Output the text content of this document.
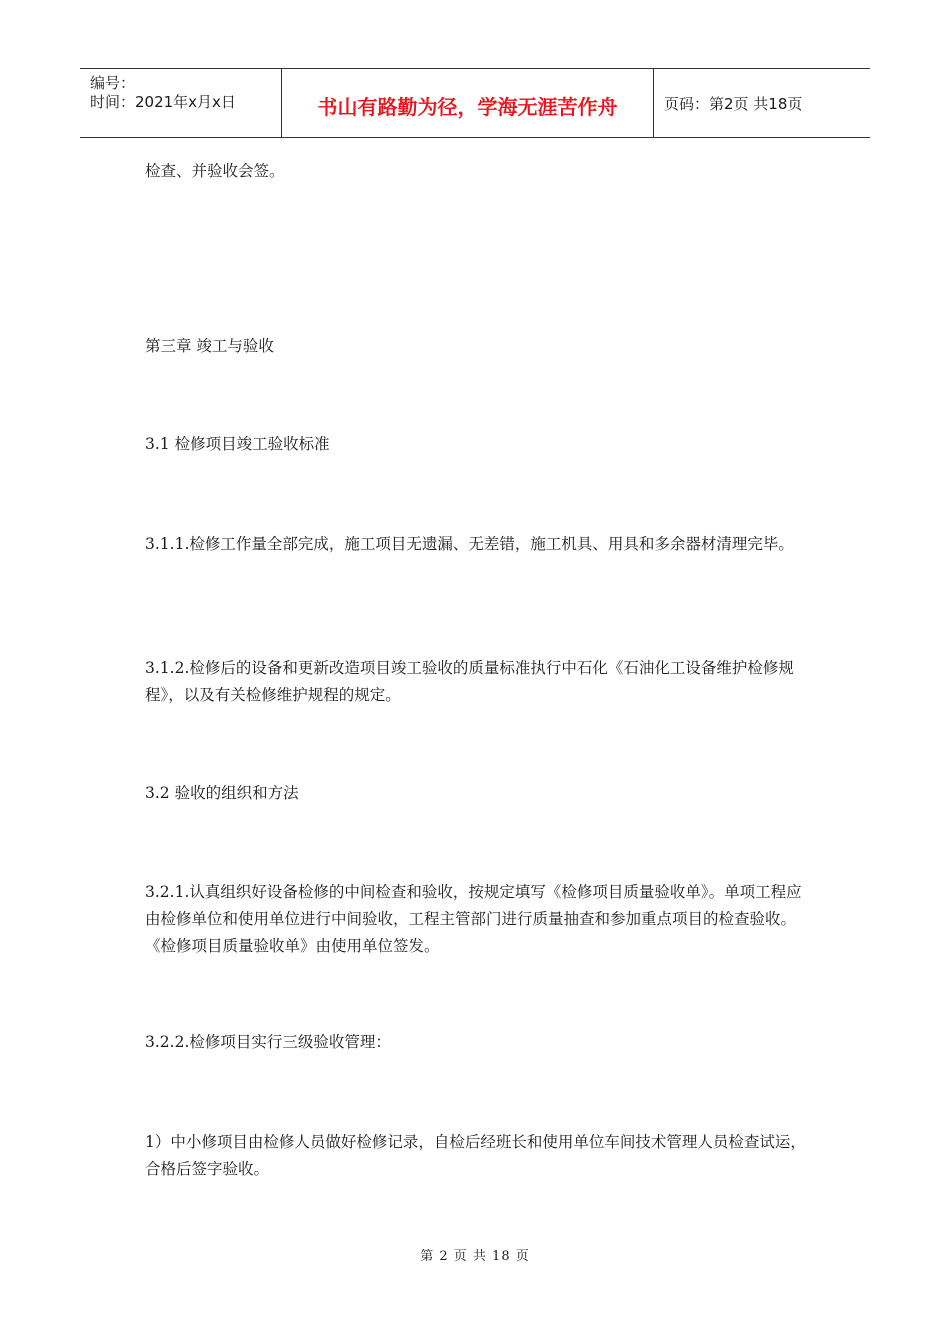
编号：
时间：2021年x月x日	书山有路勤为径，学海无涯苦作舟	页码：第2页 共18页
检查、并验收会签。
第三章 竣工与验收
3.1 检修项目竣工验收标准
3.1.1.检修工作量全部完成，施工项目无遗漏、无差错，施工机具、用具和多余器材清理完毕。
3.1.2.检修后的设备和更新改造项目竣工验收的质量标准执行中石化《石油化工设备维护检修规程》，以及有关检修维护规程的规定。
3.2 验收的组织和方法
3.2.1.认真组织好设备检修的中间检查和验收，按规定填写《检修项目质量验收单》。单项工程应由检修单位和使用单位进行中间验收，工程主管部门进行质量抽查和参加重点项目的检查验收。《检修项目质量验收单》由使用单位签发。
3.2.2.检修项目实行三级验收管理：
1）中小修项目由检修人员做好检修记录，自检后经班长和使用单位车间技术管理人员检查试运，合格后签字验收。
第 2 页 共 18 页
